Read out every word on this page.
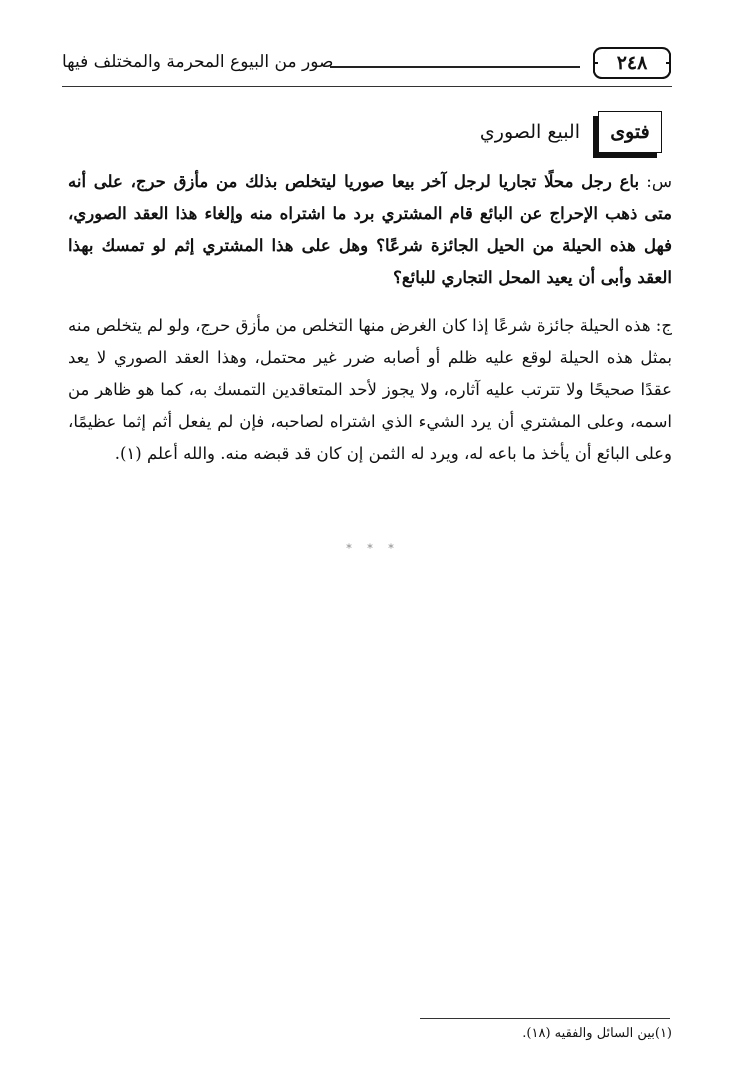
٢٤٨
صور من البيوع المحرمة والمختلف فيها
فتوى
البيع الصوري
س: باع رجل محلًا تجاريا لرجل آخر بيعا صوريا ليتخلص بذلك من مأزق حرج، على أنه متى ذهب الإحراج عن البائع قام المشتري برد ما اشتراه منه وإلغاء هذا العقد الصوري، فهل هذه الحيلة من الحيل الجائزة شرعًا؟ وهل على هذا المشتري إثم لو تمسك بهذا العقد وأبى أن يعيد المحل التجاري للبائع؟
ج: هذه الحيلة جائزة شرعًا إذا كان الغرض منها التخلص من مأزق حرج، ولو لم يتخلص منه بمثل هذه الحيلة لوقع عليه ظلم أو أصابه ضرر غير محتمل، وهذا العقد الصوري لا يعد عقدًا صحيحًا ولا تترتب عليه آثاره، ولا يجوز لأحد المتعاقدين التمسك به، كما هو ظاهر من اسمه، وعلى المشتري أن يرد الشيء الذي اشتراه لصاحبه، فإن لم يفعل أثم إثما عظيمًا، وعلى البائع أن يأخذ ما باعه له، ويرد له الثمن إن كان قد قبضه منه. والله أعلم (١).
* * *
(١)بين السائل والفقيه (١٨).
